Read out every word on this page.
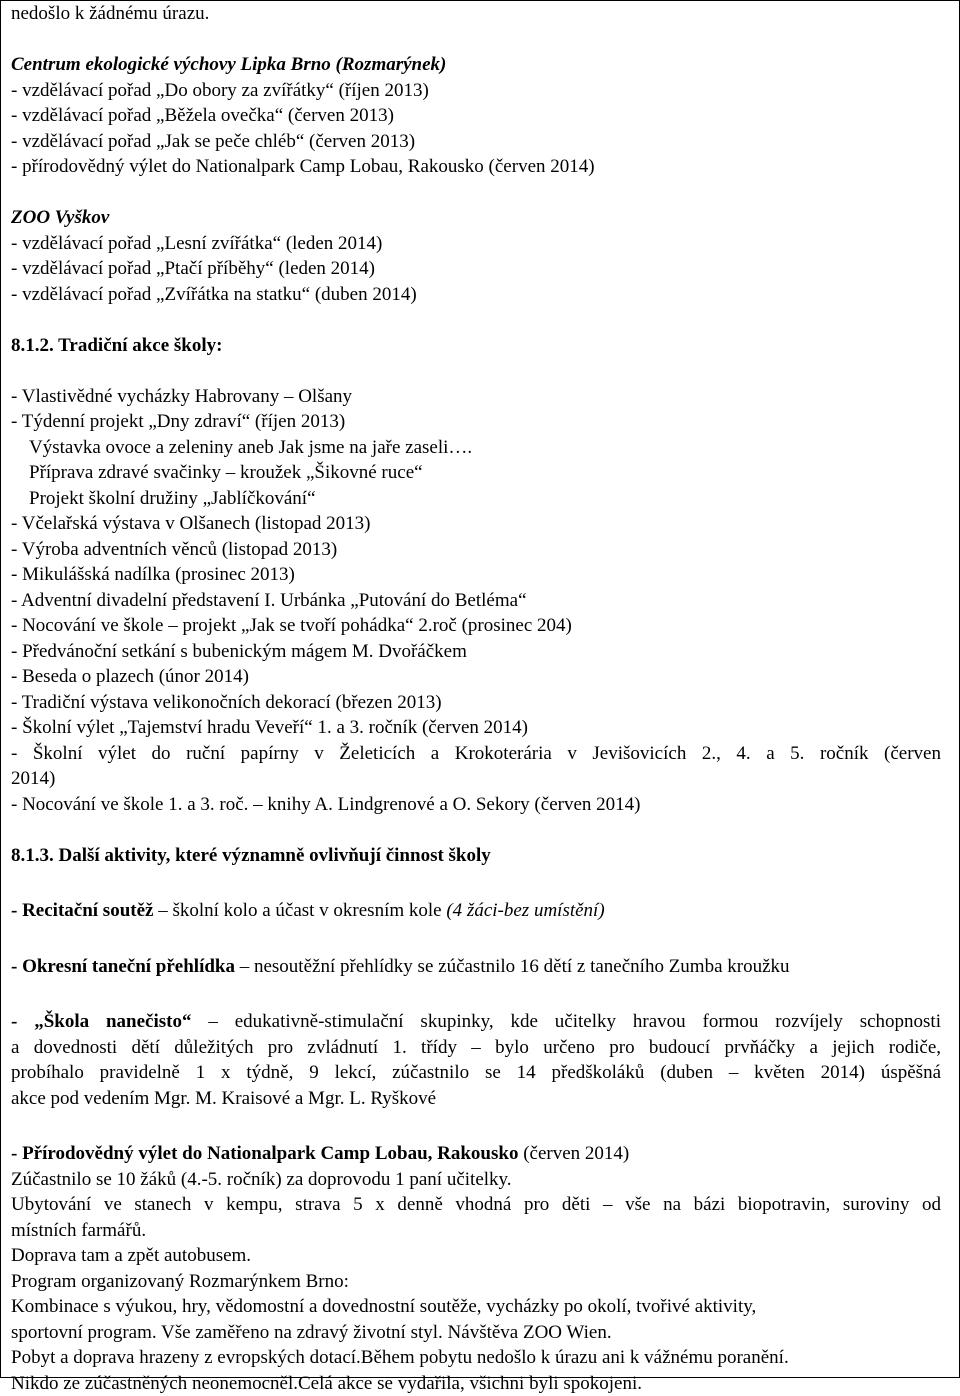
nedošlo k žádnému úrazu.
Centrum ekologické výchovy Lipka Brno (Rozmarýnek)
- vzdělávací pořad „Do obory za zvířátky“ (říjen 2013)
- vzdělávací pořad „Běžela ovečka“ (červen 2013)
- vzdělávací pořad „Jak se peče chléb“ (červen 2013)
- přírodovědný výlet do Nationalpark Camp Lobau, Rakousko (červen 2014)
ZOO Vyškov
- vzdělávací pořad „Lesní zvířátka“ (leden 2014)
- vzdělávací pořad „Ptačí příběhy“ (leden 2014)
- vzdělávací pořad „Zvířátka na statku“ (duben 2014)
8.1.2. Tradiční akce školy:
- Vlastivědné vycházky Habrovany – Olšany
- Týdenní projekt „Dny zdraví“ (říjen 2013)
Výstavka ovoce a zeleniny aneb Jak jsme na jaře zaseli….
Příprava zdravé svačinky – kroužek „Šikovné ruce“
Projekt školní družiny „Jablíčkování“
- Včelařská výstava v Olšanech (listopad 2013)
- Výroba adventních věnců (listopad 2013)
- Mikulášská nadílka (prosinec 2013)
- Adventní divadelní představení I. Urbánka „Putování do Betléma“
- Nocování ve škole – projekt „Jak se tvoří pohádka“ 2.roč (prosinec 204)
- Předvánoční setkání s bubenickým mágem M. Dvořáčkem
- Beseda o plazech (únor 2014)
- Tradiční výstava velikonočních dekorací (březen 2013)
- Školní výlet „Tajemství hradu Veveří“ 1. a 3. ročník (červen 2014)
- Školní výlet do ruční papírny v Želeticích a Krokoterária v Jevišovicích 2., 4. a 5. ročník (červen
2014)
- Nocování ve škole 1. a 3. roč. – knihy A. Lindgrenové a O. Sekory (červen 2014)
8.1.3. Další aktivity, které významně ovlivňují činnost školy
- Recitační soutěž – školní kolo a účast v okresním kole (4 žáci-bez umístění)
- Okresní taneční přehlídka – nesoutěžní přehlídky se zúčastnilo 16 dětí z tanečního Zumba kroužku
- „Škola nanečisto“ – edukativně-stimulační skupinky, kde učitelky hravou formou rozvíjely schopnosti
a dovednosti dětí důležitých pro zvládnutí 1. třídy – bylo určeno pro budoucí prvňáčky a jejich rodiče,
probíhalo pravidelně 1 x týdně, 9 lekcí, zúčastnilo se 14 předškoláků (duben – květen 2014) úspěšná
akce pod vedením Mgr. M. Kraisové a Mgr. L. Ryškové
- Přírodovědný výlet do Nationalpark Camp Lobau, Rakousko (červen 2014)
Zúčastnilo se 10 žáků (4.-5. ročník) za doprovodu 1 paní učitelky.
Ubytování ve stanech v kempu, strava 5 x denně vhodná pro děti – vše na bázi biopotravin, suroviny od
místních farmářů.
Doprava tam a zpět autobusem.
Program organizovaný Rozmarýnkem Brno:
Kombinace s výukou, hry, vědomostní a dovednostní soutěže, vycházky po okolí, tvořivé aktivity,
sportovní program. Vše zaměřeno na zdravý životní styl. Návštěva ZOO Wien.
Pobyt a doprava hrazeny z evropských dotací.Během pobytu nedošlo k úrazu ani k vážnému poranění.
Nikdo ze zúčastněných neonemocněl.Celá akce se vydařila, všichni byli spokojeni.
